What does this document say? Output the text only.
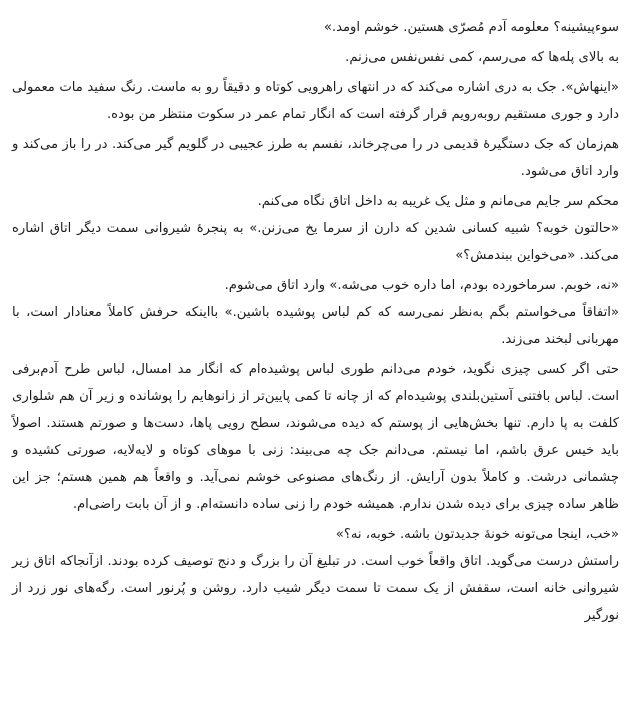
سوءپیشینه؟ معلومه آدم مُصرّی هستین. خوشم اومد.»

به بالای پله‌ها که می‌رسم، کمی نفس‌نفس می‌زنم.

«اینهاش». جک به دری اشاره می‌کند که در انتهای راهرویی کوتاه و دقیقاً رو به ماست. رنگ سفید مات معمولی دارد و جوری مستقیم روبه‌رویم قرار گرفته است که انگار تمام عمر در سکوت منتظر من بوده.

هم‌زمان که جک دستگیرهٔ قدیمی در را می‌چرخاند، نفسم به طرز عجیبی در گلویم گیر می‌کند. در را باز می‌کند و وارد اتاق می‌شود.

محکم سر جایم می‌مانم و مثل یک غریبه به داخل اتاق نگاه می‌کنم.

«حالتون خوبه؟ شبیه کسانی شدین که دارن از سرما یخ می‌زنن.» به پنجرهٔ شیروانی سمت دیگر اتاق اشاره می‌کند. «می‌خواین ببندمش؟»

«نه، خوبم. سرماخورده بودم، اما داره خوب می‌شه.» وارد اتاق می‌شوم.

«اتفاقاً می‌خواستم بگم به‌نظر نمی‌رسه که کم لباس پوشیده باشین.» بااینکه حرفش کاملاً معنادار است، با مهربانی لبخند می‌زند.

حتی اگر کسی چیزی نگوید، خودم می‌دانم طوری لباس پوشیده‌ام که انگار مد امسال، لباس طرح آدم‌برفی است. لباس بافتنی آستین‌بلندی پوشیده‌ام که از چانه تا کمی پایین‌تر از زانوهایم را پوشانده و زیر آن هم شلواری کلفت به پا دارم. تنها بخش‌هایی از پوستم که دیده می‌شوند، سطح رویی پاها، دست‌ها و صورتم هستند. اصولاً باید خیس عرق باشم، اما نیستم. می‌دانم جک چه می‌بیند: زنی با موهای کوتاه و لایه‌لایه، صورتی کشیده و چشمانی درشت. و کاملاً بدون آرایش. از رنگ‌های مصنوعی خوشم نمی‌آید. و واقعاً هم همین هستم؛ جز این ظاهر ساده چیزی برای دیده شدن ندارم. همیشه خودم را زنی ساده دانسته‌ام. و از آن بابت راضی‌ام.

«خب، اینجا می‌تونه خونهٔ جدیدتون باشه. خوبه، نه؟»

راستش درست می‌گوید. اتاق واقعاً خوب است. در تبلیغ آن را بزرگ و دنج توصیف کرده بودند. ازآنجاکه اتاق زیر شیروانی خانه است، سقفش از یک سمت تا سمت دیگر شیب دارد. روشن و پُرنور است. رگه‌های نور زرد از نورگیر
